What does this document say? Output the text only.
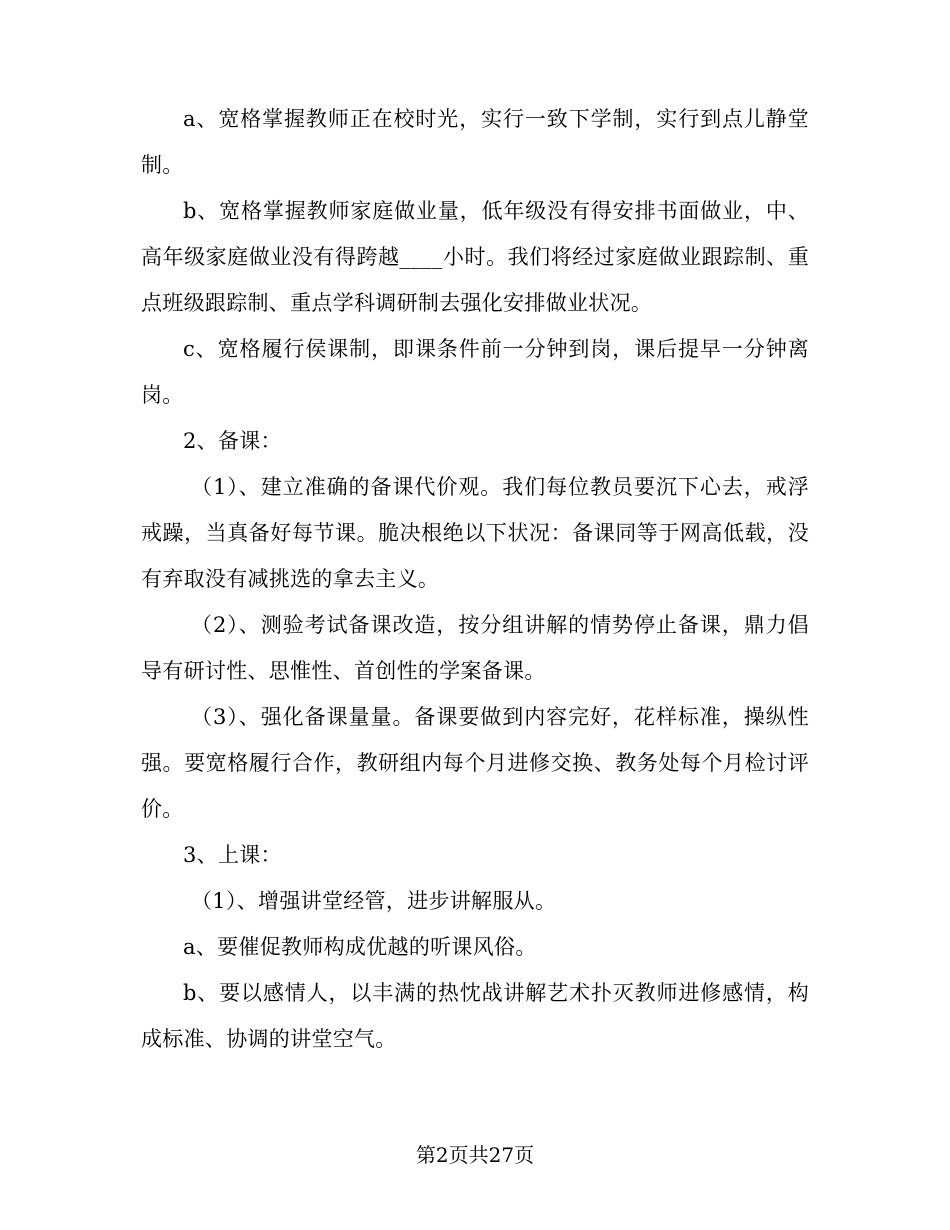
a、宽格掌握教师正在校时光，实行一致下学制，实行到点儿静堂制。

b、宽格掌握教师家庭做业量，低年级没有得安排书面做业，中、高年级家庭做业没有得跨越____小时。我们将经过家庭做业跟踪制、重点班级跟踪制、重点学科调研制去强化安排做业状况。

c、宽格履行侯课制，即课条件前一分钟到岗，课后提早一分钟离岗。

2、备课：

（1）、建立准确的备课代价观。我们每位教员要沉下心去，戒浮戒躁，当真备好每节课。脆决根绝以下状况：备课同等于网高低载，没有弃取没有减挑选的拿去主义。

（2）、测验考试备课改造，按分组讲解的情势停止备课，鼎力倡导有研讨性、思惟性、首创性的学案备课。

（3）、强化备课量量。备课要做到内容完好，花样标准，操纵性强。要宽格履行合作，教研组内每个月进修交换、教务处每个月检讨评价。

3、上课：

（1）、增强讲堂经管，进步讲解服从。

a、要催促教师构成优越的听课风俗。

b、要以感情人，以丰满的热忱战讲解艺术扑灭教师进修感情，构成标准、协调的讲堂空气。

第2页共27页
